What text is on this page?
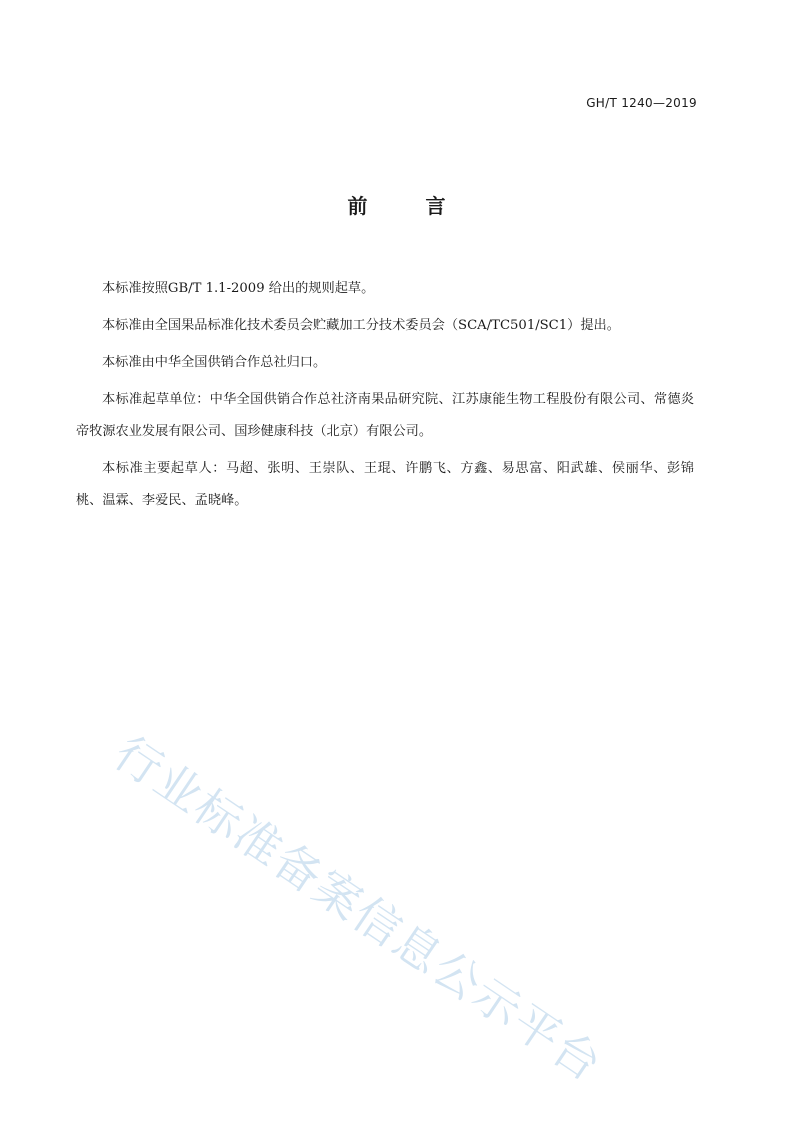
GH/T 1240—2019
前	言

本标准按照GB/T 1.1-2009 给出的规则起草。

本标准由全国果品标准化技术委员会贮藏加工分技术委员会（SCA/TC501/SC1）提出。

本标准由中华全国供销合作总社归口。

本标准起草单位：中华全国供销合作总社济南果品研究院、江苏康能生物工程股份有限公司、常德炎帝牧源农业发展有限公司、国珍健康科技（北京）有限公司。

本标准主要起草人：马超、张明、王崇队、王琨、许鹏飞、方鑫、易思富、阳武雄、侯丽华、彭锦桃、温霖、李爱民、孟晓峰。

行业标准备案信息公示平台
